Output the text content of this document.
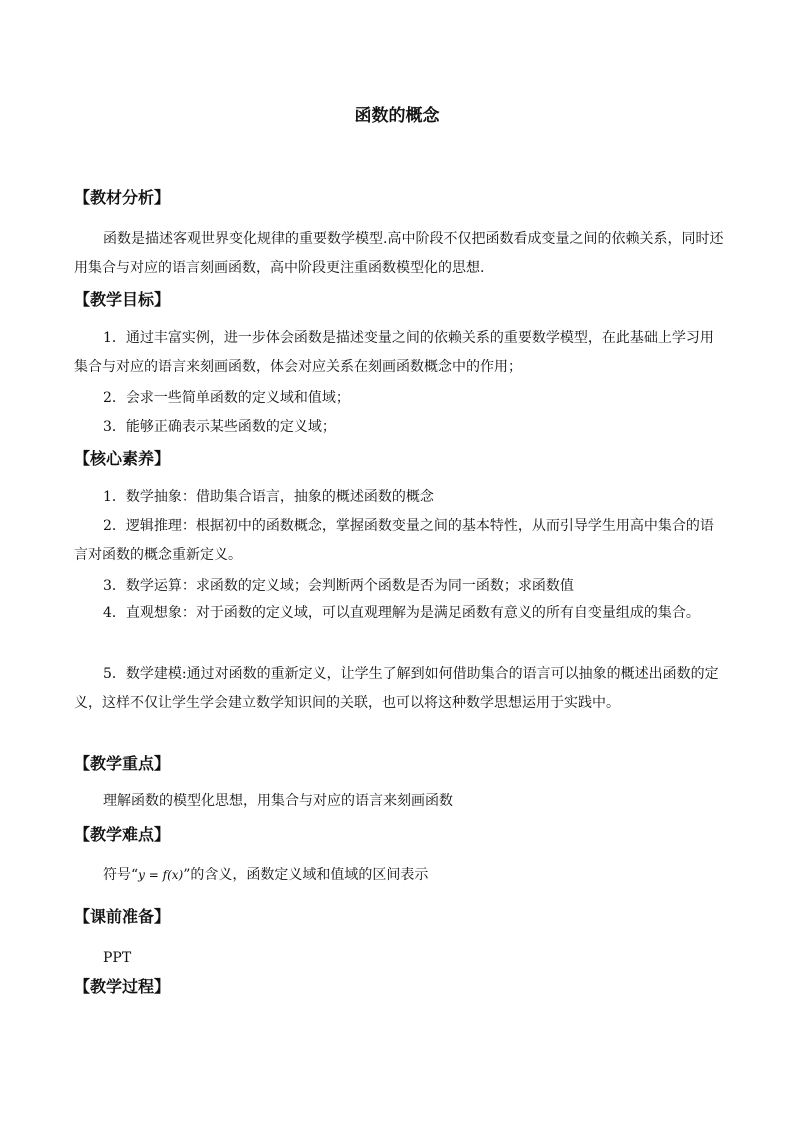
函数的概念
【教材分析】

函数是描述客观世界变化规律的重要数学模型.高中阶段不仅把函数看成变量之间的依赖关系，同时还用集合与对应的语言刻画函数，高中阶段更注重函数模型化的思想.

【教学目标】

1．通过丰富实例，进一步体会函数是描述变量之间的依赖关系的重要数学模型，在此基础上学习用集合与对应的语言来刻画函数，体会对应关系在刻画函数概念中的作用；

2．会求一些简单函数的定义域和值域；

3．能够正确表示某些函数的定义域；

【核心素养】

1．数学抽象：借助集合语言，抽象的概述函数的概念

2．逻辑推理：根据初中的函数概念，掌握函数变量之间的基本特性，从而引导学生用高中集合的语言对函数的概念重新定义。

3．数学运算：求函数的定义域；会判断两个函数是否为同一函数；求函数值

4．直观想象：对于函数的定义域，可以直观理解为是满足函数有意义的所有自变量组成的集合。

5．数学建模:通过对函数的重新定义，让学生了解到如何借助集合的语言可以抽象的概述出函数的定义，这样不仅让学生学会建立数学知识间的关联，也可以将这种数学思想运用于实践中。

【教学重点】

理解函数的模型化思想，用集合与对应的语言来刻画函数

【教学难点】

符号“y = f(x)”的含义，函数定义域和值域的区间表示

【课前准备】

PPT

【教学过程】
